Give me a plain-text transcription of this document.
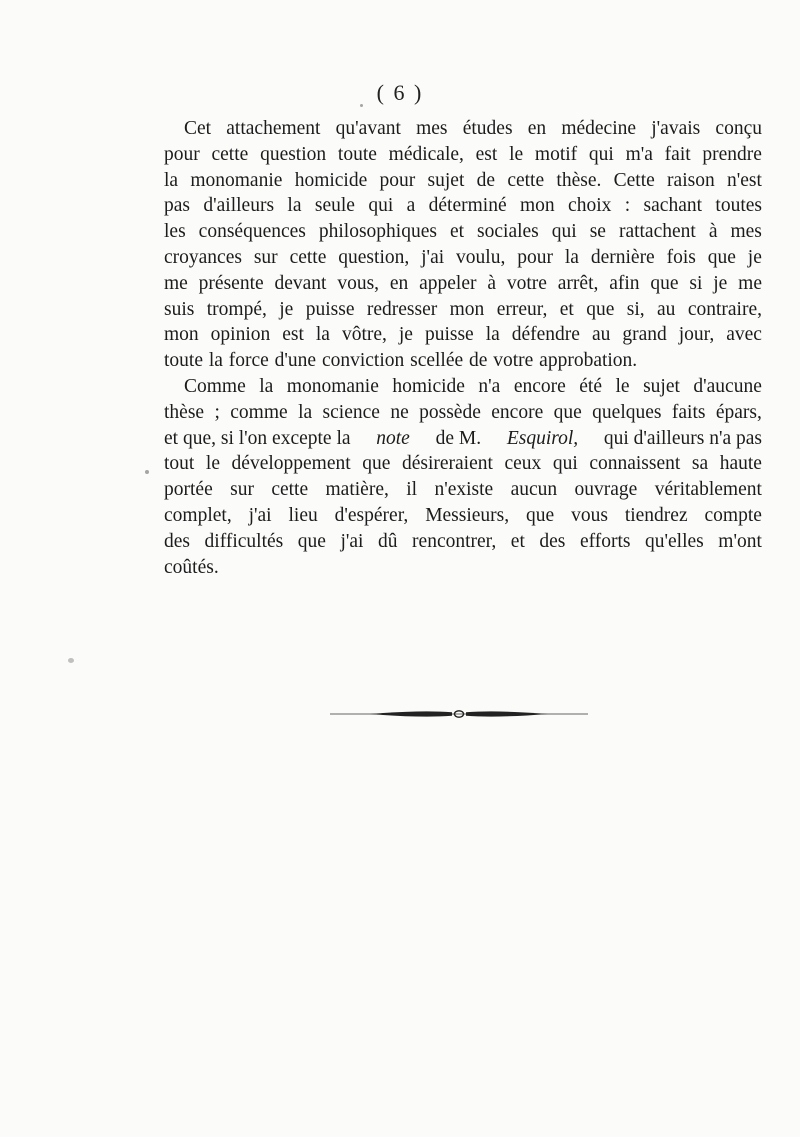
( 6 )
Cet attachement qu'avant mes études en médecine j'avais conçu
pour cette question toute médicale, est le motif qui m'a fait prendre
la monomanie homicide pour sujet de cette thèse. Cette raison n'est
pas d'ailleurs la seule qui a déterminé mon choix : sachant toutes
les conséquences philosophiques et sociales qui se rattachent à mes
croyances sur cette question, j'ai voulu, pour la dernière fois que je
me présente devant vous, en appeler à votre arrêt, afin que si je me
suis trompé, je puisse redresser mon erreur, et que si, au contraire,
mon opinion est la vôtre, je puisse la défendre au grand jour, avec
toute la force d'une conviction scellée de votre approbation.
Comme la monomanie homicide n'a encore été le sujet d'aucune
thèse ; comme la science ne possède encore que quelques faits épars,
et que, si l'on excepte la note de M. Esquirol, qui d'ailleurs n'a pas
tout le développement que désireraient ceux qui connaissent sa haute
portée sur cette matière, il n'existe aucun ouvrage véritablement
complet, j'ai lieu d'espérer, Messieurs, que vous tiendrez compte
des difficultés que j'ai dû rencontrer, et des efforts qu'elles m'ont
coûtés.
